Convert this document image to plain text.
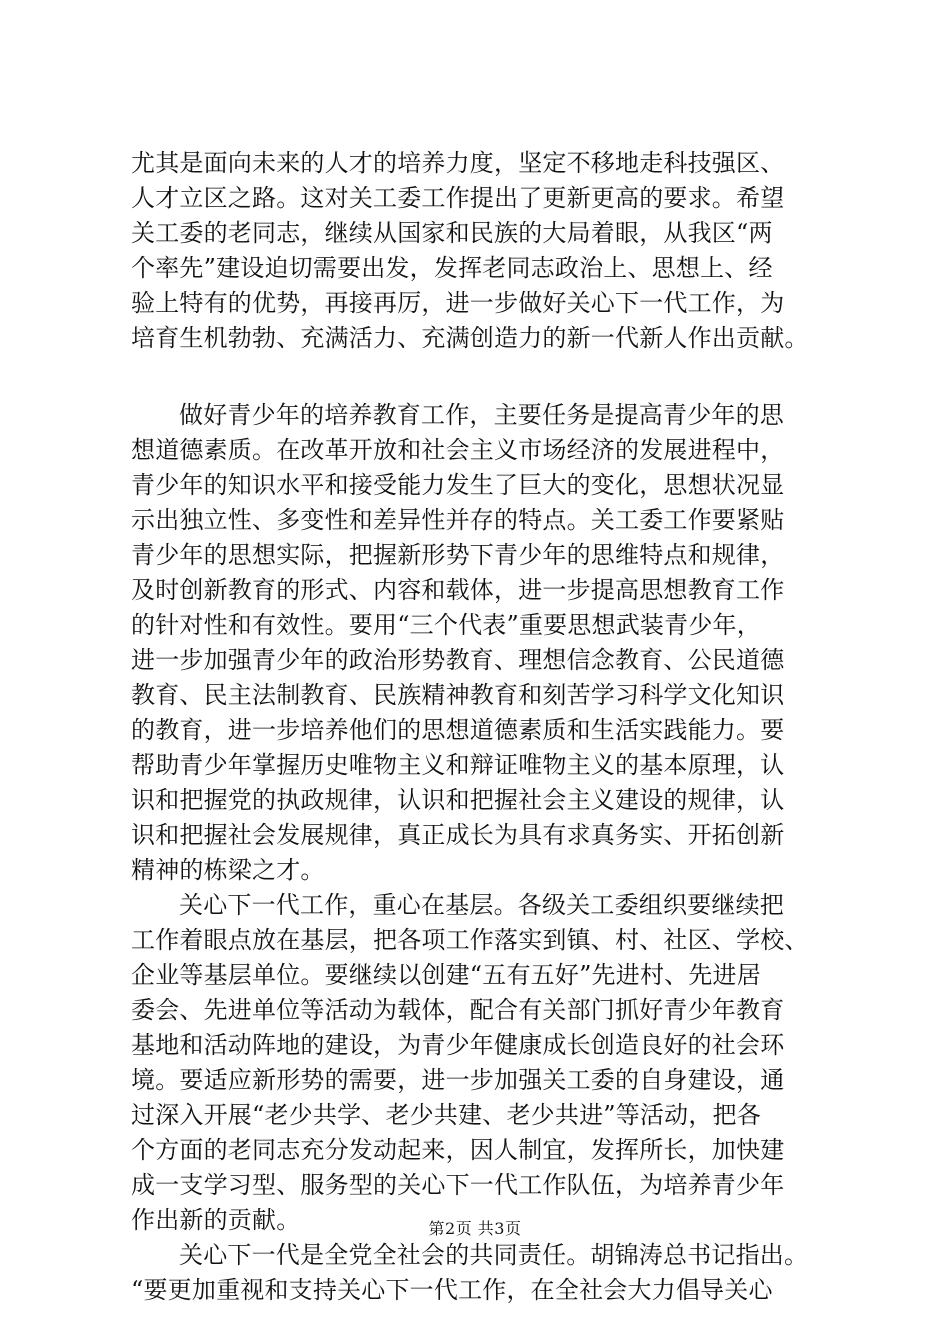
尤其是面向未来的人才的培养力度，坚定不移地走科技强区、
人才立区之路。这对关工委工作提出了更新更高的要求。希望
关工委的老同志，继续从国家和民族的大局着眼，从我区“两
个率先”建设迫切需要出发，发挥老同志政治上、思想上、经
验上特有的优势，再接再厉，进一步做好关心下一代工作，为
培育生机勃勃、充满活力、充满创造力的新一代新人作出贡献。
做好青少年的培养教育工作，主要任务是提高青少年的思
想道德素质。在改革开放和社会主义市场经济的发展进程中，
青少年的知识水平和接受能力发生了巨大的变化，思想状况显
示出独立性、多变性和差异性并存的特点。关工委工作要紧贴
青少年的思想实际，把握新形势下青少年的思维特点和规律，
及时创新教育的形式、内容和载体，进一步提高思想教育工作
的针对性和有效性。要用“三个代表”重要思想武装青少年，
进一步加强青少年的政治形势教育、理想信念教育、公民道德
教育、民主法制教育、民族精神教育和刻苦学习科学文化知识
的教育，进一步培养他们的思想道德素质和生活实践能力。要
帮助青少年掌握历史唯物主义和辩证唯物主义的基本原理，认
识和把握党的执政规律，认识和把握社会主义建设的规律，认
识和把握社会发展规律，真正成长为具有求真务实、开拓创新
精神的栋梁之才。
关心下一代工作，重心在基层。各级关工委组织要继续把
工作着眼点放在基层，把各项工作落实到镇、村、社区、学校、
企业等基层单位。要继续以创建“五有五好”先进村、先进居
委会、先进单位等活动为载体，配合有关部门抓好青少年教育
基地和活动阵地的建设，为青少年健康成长创造良好的社会环
境。要适应新形势的需要，进一步加强关工委的自身建设，通
过深入开展“老少共学、老少共建、老少共进”等活动，把各
个方面的老同志充分发动起来，因人制宜，发挥所长，加快建
成一支学习型、服务型的关心下一代工作队伍，为培养青少年
作出新的贡献。
关心下一代是全党全社会的共同责任。胡锦涛总书记指出。
“要更加重视和支持关心下一代工作，在全社会大力倡导关心
第2页 共3页
